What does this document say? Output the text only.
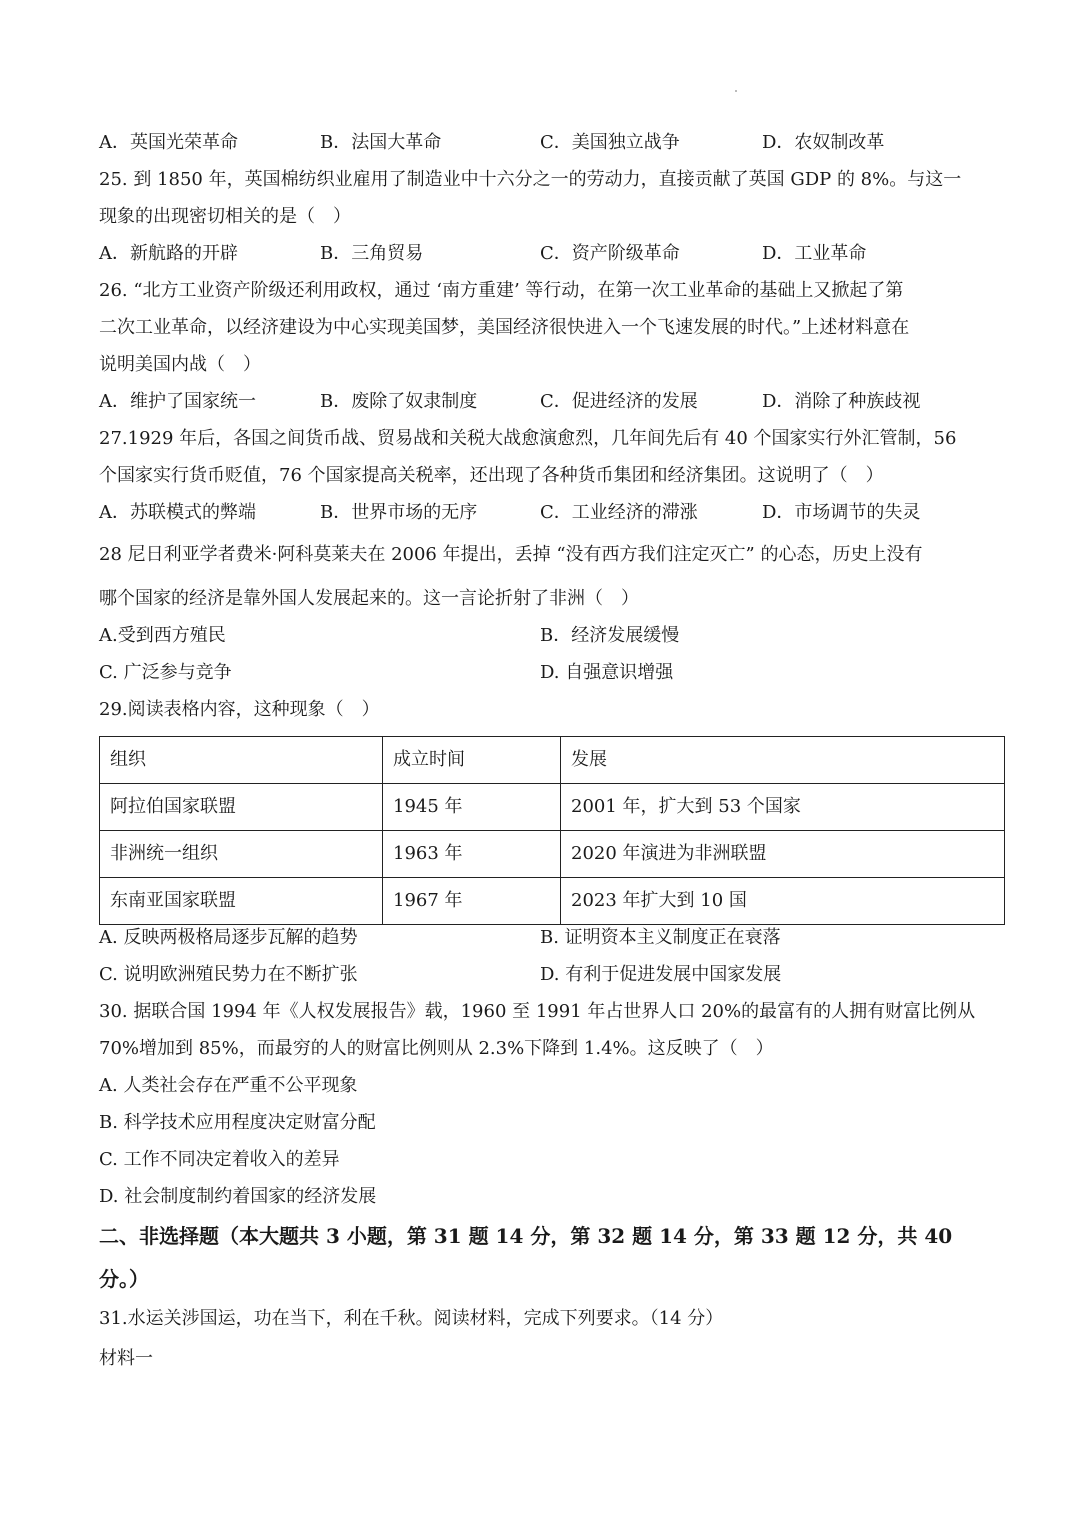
A．英国光荣革命	B．法国大革命	C．美国独立战争	D．农奴制改革
25. 到 1850 年，英国棉纺织业雇用了制造业中十六分之一的劳动力，直接贡献了英国 GDP 的 8%。与这一
现象的出现密切相关的是（　）
A．新航路的开辟	B．三角贸易	C．资产阶级革命	D．工业革命
26. “北方工业资产阶级还利用政权，通过 ‘南方重建’ 等行动，在第一次工业革命的基础上又掀起了第
二次工业革命，以经济建设为中心实现美国梦，美国经济很快进入一个飞速发展的时代。”上述材料意在
说明美国内战（　）
A．维护了国家统一	B．废除了奴隶制度	C．促进经济的发展	D．消除了种族歧视
27.1929 年后，各国之间货币战、贸易战和关税大战愈演愈烈，几年间先后有 40 个国家实行外汇管制，56
个国家实行货币贬值，76 个国家提高关税率，还出现了各种货币集团和经济集团。这说明了（　）
A．苏联模式的弊端	B．世界市场的无序	C．工业经济的滞涨	D．市场调节的失灵
28 尼日利亚学者费米·阿科莫莱夫在 2006 年提出，丢掉 “没有西方我们注定灭亡” 的心态，历史上没有
哪个国家的经济是靠外国人发展起来的。这一言论折射了非洲（　）
A.受到西方殖民	B．经济发展缓慢
C. 广泛参与竞争	D. 自强意识增强
29.阅读表格内容，这种现象（　）
组织	成立时间	发展
阿拉伯国家联盟	1945 年	2001 年，扩大到 53 个国家
非洲统一组织	1963 年	2020 年演进为非洲联盟
东南亚国家联盟	1967 年	2023 年扩大到 10 国
A. 反映两极格局逐步瓦解的趋势	B. 证明资本主义制度正在衰落
C. 说明欧洲殖民势力在不断扩张	D. 有利于促进发展中国家发展
30. 据联合国 1994 年《人权发展报告》载，1960 至 1991 年占世界人口 20%的最富有的人拥有财富比例从
70%增加到 85%，而最穷的人的财富比例则从 2.3%下降到 1.4%。这反映了（　）
A. 人类社会存在严重不公平现象
B. 科学技术应用程度决定财富分配
C. 工作不同决定着收入的差异
D. 社会制度制约着国家的经济发展
二、非选择题（本大题共 3 小题，第 31 题 14 分，第 32 题 14 分，第 33 题 12 分，共 40
分。）
31.水运关涉国运，功在当下，利在千秋。阅读材料，完成下列要求。（14 分）
材料一
